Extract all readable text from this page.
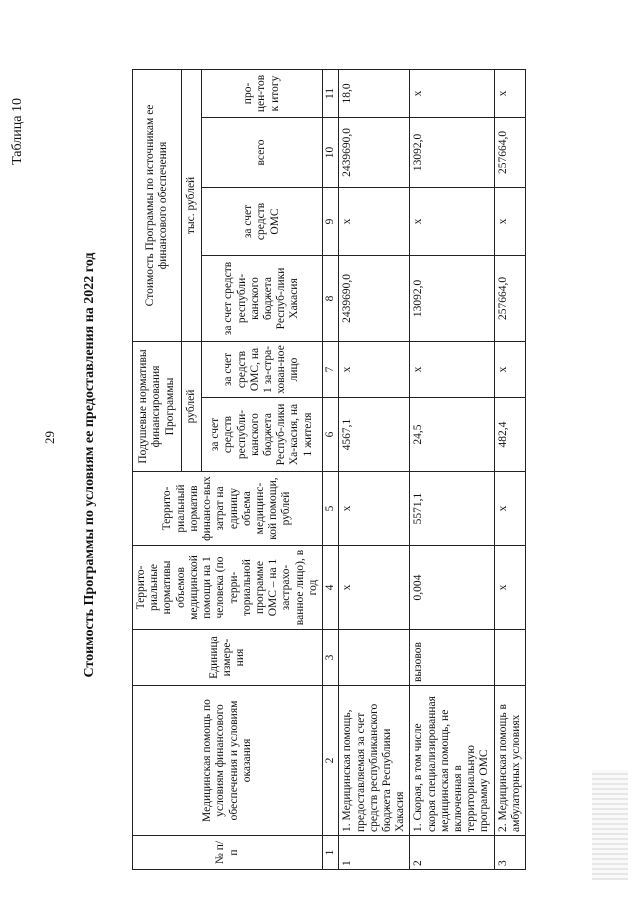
29
Таблица 10
Стоимость Программы по условиям ее предоставления на 2022 год
№ п/п	Медицинская помощь по условиям финансового обеспечения и условиям оказания	Единица измере-ния	Террито-риальные нормативы объемов медицинской помощи на 1 человека (по терри-ториальной программе ОМС – на 1 застрахо-ванное лицо), в год	Террито-риальный норматив финансо-вых затрат на единицу объема медицинс-кой помощи, рублей	Подушевые нормативы финансирования Программы		Стоимость Программы по источникам ее финансового обеспечения			
					рублей		тыс. рублей			
					за счет средств республи-канского бюджета Респуб-лики Ха-касия, на 1 жителя	за счет средств ОМС, на 1 за-стра-хован-ное лицо	за счет средств республи-канского бюджета Респуб-лики Хакасия	за счет средств ОМС	всего	про-цен-тов к итогу
1	2	3	4	5	6	7	8	9	10	11
1	1. Медицинская помощь, предоставляемая за счет средств республиканского бюджета Республики Хакасия		x	x	4567,1	x	2439690,0	x	2439690,0	18,0
2	1. Скорая, в том числе скорая специализированная медицинская помощь, не включенная в территориальную программу ОМС	вызовов	0,004	5571,1	24,5	x	13092,0	x	13092,0	x
3	2. Медицинская помощь в амбулаторных условиях		x	x	482,4	x	257664,0	x	257664,0	x
